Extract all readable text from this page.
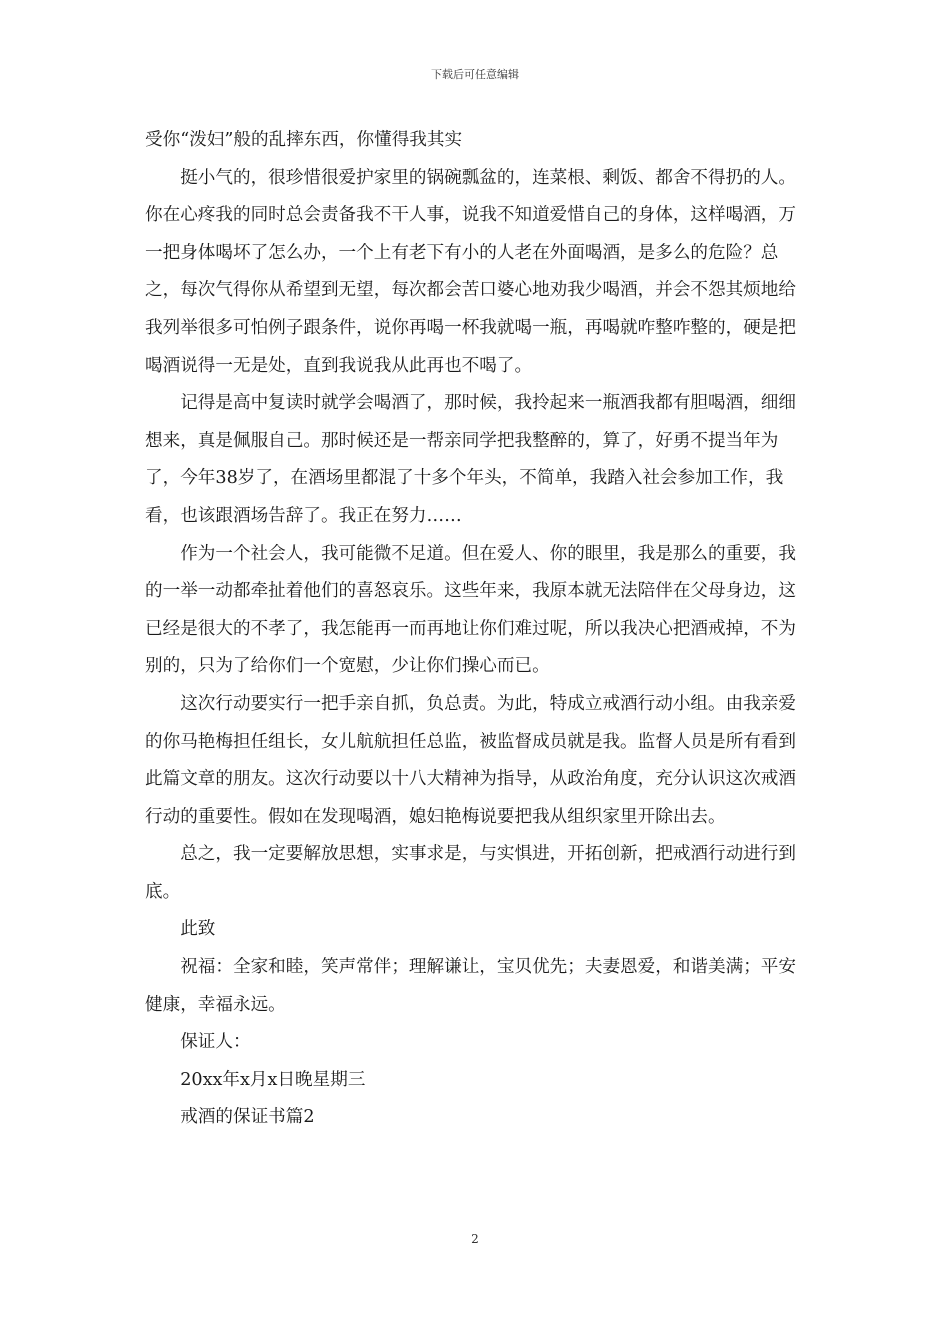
下载后可任意编辑

受你“泼妇”般的乱摔东西，你懂得我其实

挺小气的，很珍惜很爱护家里的锅碗瓢盆的，连菜根、剩饭、都舍不得扔的人。你在心疼我的同时总会责备我不干人事，说我不知道爱惜自己的身体，这样喝酒，万一把身体喝坏了怎么办，一个上有老下有小的人老在外面喝酒，是多么的危险？总之，每次气得你从希望到无望，每次都会苦口婆心地劝我少喝酒，并会不怨其烦地给我列举很多可怕例子跟条件，说你再喝一杯我就喝一瓶，再喝就咋整咋整的，硬是把喝酒说得一无是处，直到我说我从此再也不喝了。

记得是高中复读时就学会喝酒了，那时候，我拎起来一瓶酒我都有胆喝酒，细细想来，真是佩服自己。那时候还是一帮亲同学把我整醉的，算了，好勇不提当年为了，今年38岁了，在酒场里都混了十多个年头，不简单，我踏入社会参加工作，我看，也该跟酒场告辞了。我正在努力……

作为一个社会人，我可能微不足道。但在爱人、你的眼里，我是那么的重要，我的一举一动都牵扯着他们的喜怒哀乐。这些年来，我原本就无法陪伴在父母身边，这已经是很大的不孝了，我怎能再一而再地让你们难过呢，所以我决心把酒戒掉，不为别的，只为了给你们一个宽慰，少让你们操心而已。

这次行动要实行一把手亲自抓，负总责。为此，特成立戒酒行动小组。由我亲爱的你马艳梅担任组长，女儿航航担任总监，被监督成员就是我。监督人员是所有看到此篇文章的朋友。这次行动要以十八大精神为指导，从政治角度，充分认识这次戒酒行动的重要性。假如在发现喝酒，媳妇艳梅说要把我从组织家里开除出去。

总之，我一定要解放思想，实事求是，与实惧进，开拓创新，把戒酒行动进行到底。

此致

祝福：全家和睦，笑声常伴；理解谦让，宝贝优先；夫妻恩爱，和谐美满；平安健康，幸福永远。

保证人：

20xx年x月x日晚星期三

戒酒的保证书篇2

2
